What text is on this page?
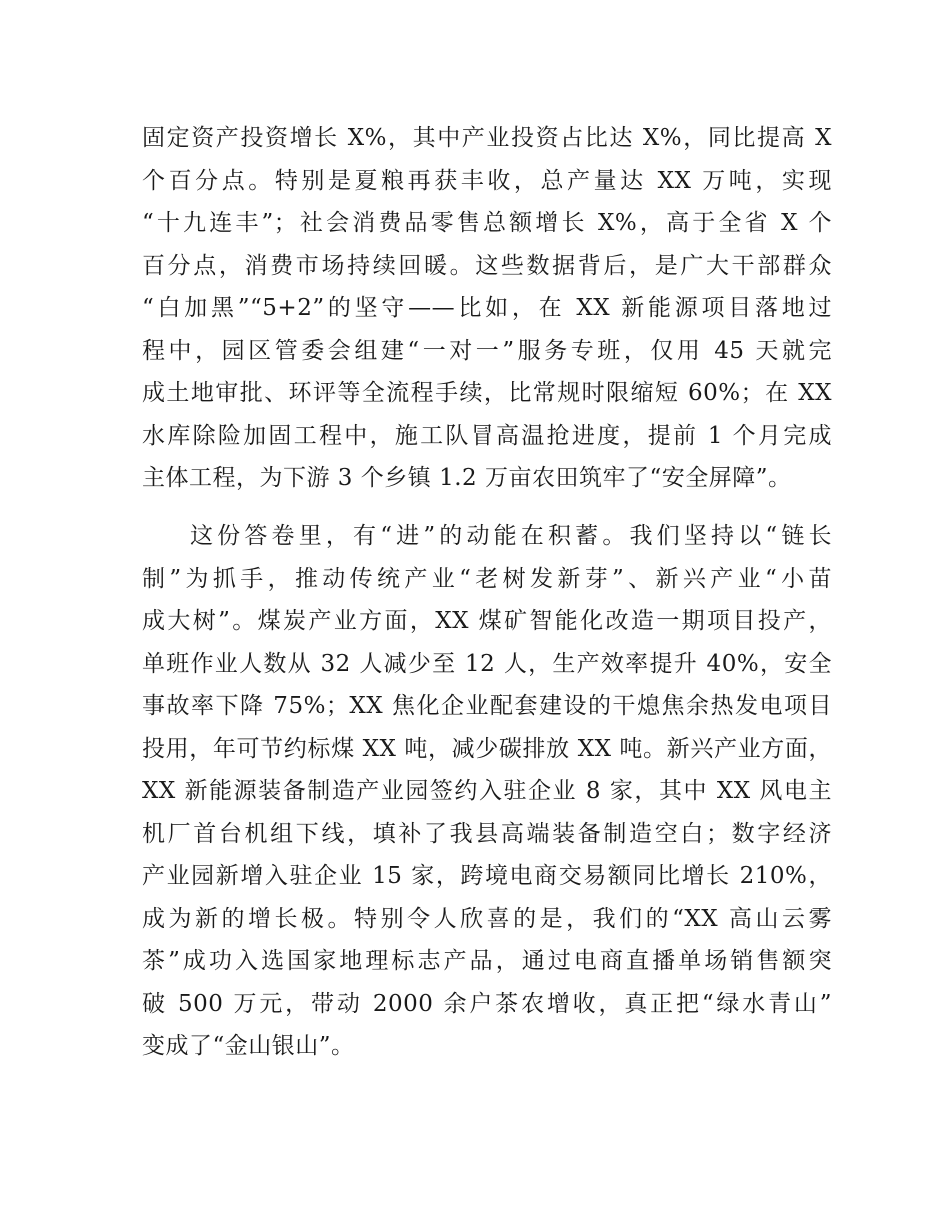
固定资产投资增长 X%，其中产业投资占比达 X%，同比提高 X
个百分点。特别是夏粮再获丰收，总产量达 XX 万吨，实现
“十九连丰”；社会消费品零售总额增长 X%，高于全省 X 个
百分点，消费市场持续回暖。这些数据背后，是广大干部群众
“白加黑”“5+2”的坚守——比如，在 XX 新能源项目落地过
程中，园区管委会组建“一对一”服务专班，仅用 45 天就完
成土地审批、环评等全流程手续，比常规时限缩短 60%；在 XX
水库除险加固工程中，施工队冒高温抢进度，提前 1 个月完成
主体工程，为下游 3 个乡镇 1.2 万亩农田筑牢了“安全屏障”。
这份答卷里，有“进”的动能在积蓄。我们坚持以“链长
制”为抓手，推动传统产业“老树发新芽”、新兴产业“小苗
成大树”。煤炭产业方面，XX 煤矿智能化改造一期项目投产，
单班作业人数从 32 人减少至 12 人，生产效率提升 40%，安全
事故率下降 75%；XX 焦化企业配套建设的干熄焦余热发电项目
投用，年可节约标煤 XX 吨，减少碳排放 XX 吨。新兴产业方面，
XX 新能源装备制造产业园签约入驻企业 8 家，其中 XX 风电主
机厂首台机组下线，填补了我县高端装备制造空白；数字经济
产业园新增入驻企业 15 家，跨境电商交易额同比增长 210%，
成为新的增长极。特别令人欣喜的是，我们的“XX 高山云雾
茶”成功入选国家地理标志产品，通过电商直播单场销售额突
破 500 万元，带动 2000 余户茶农增收，真正把“绿水青山”
变成了“金山银山”。
